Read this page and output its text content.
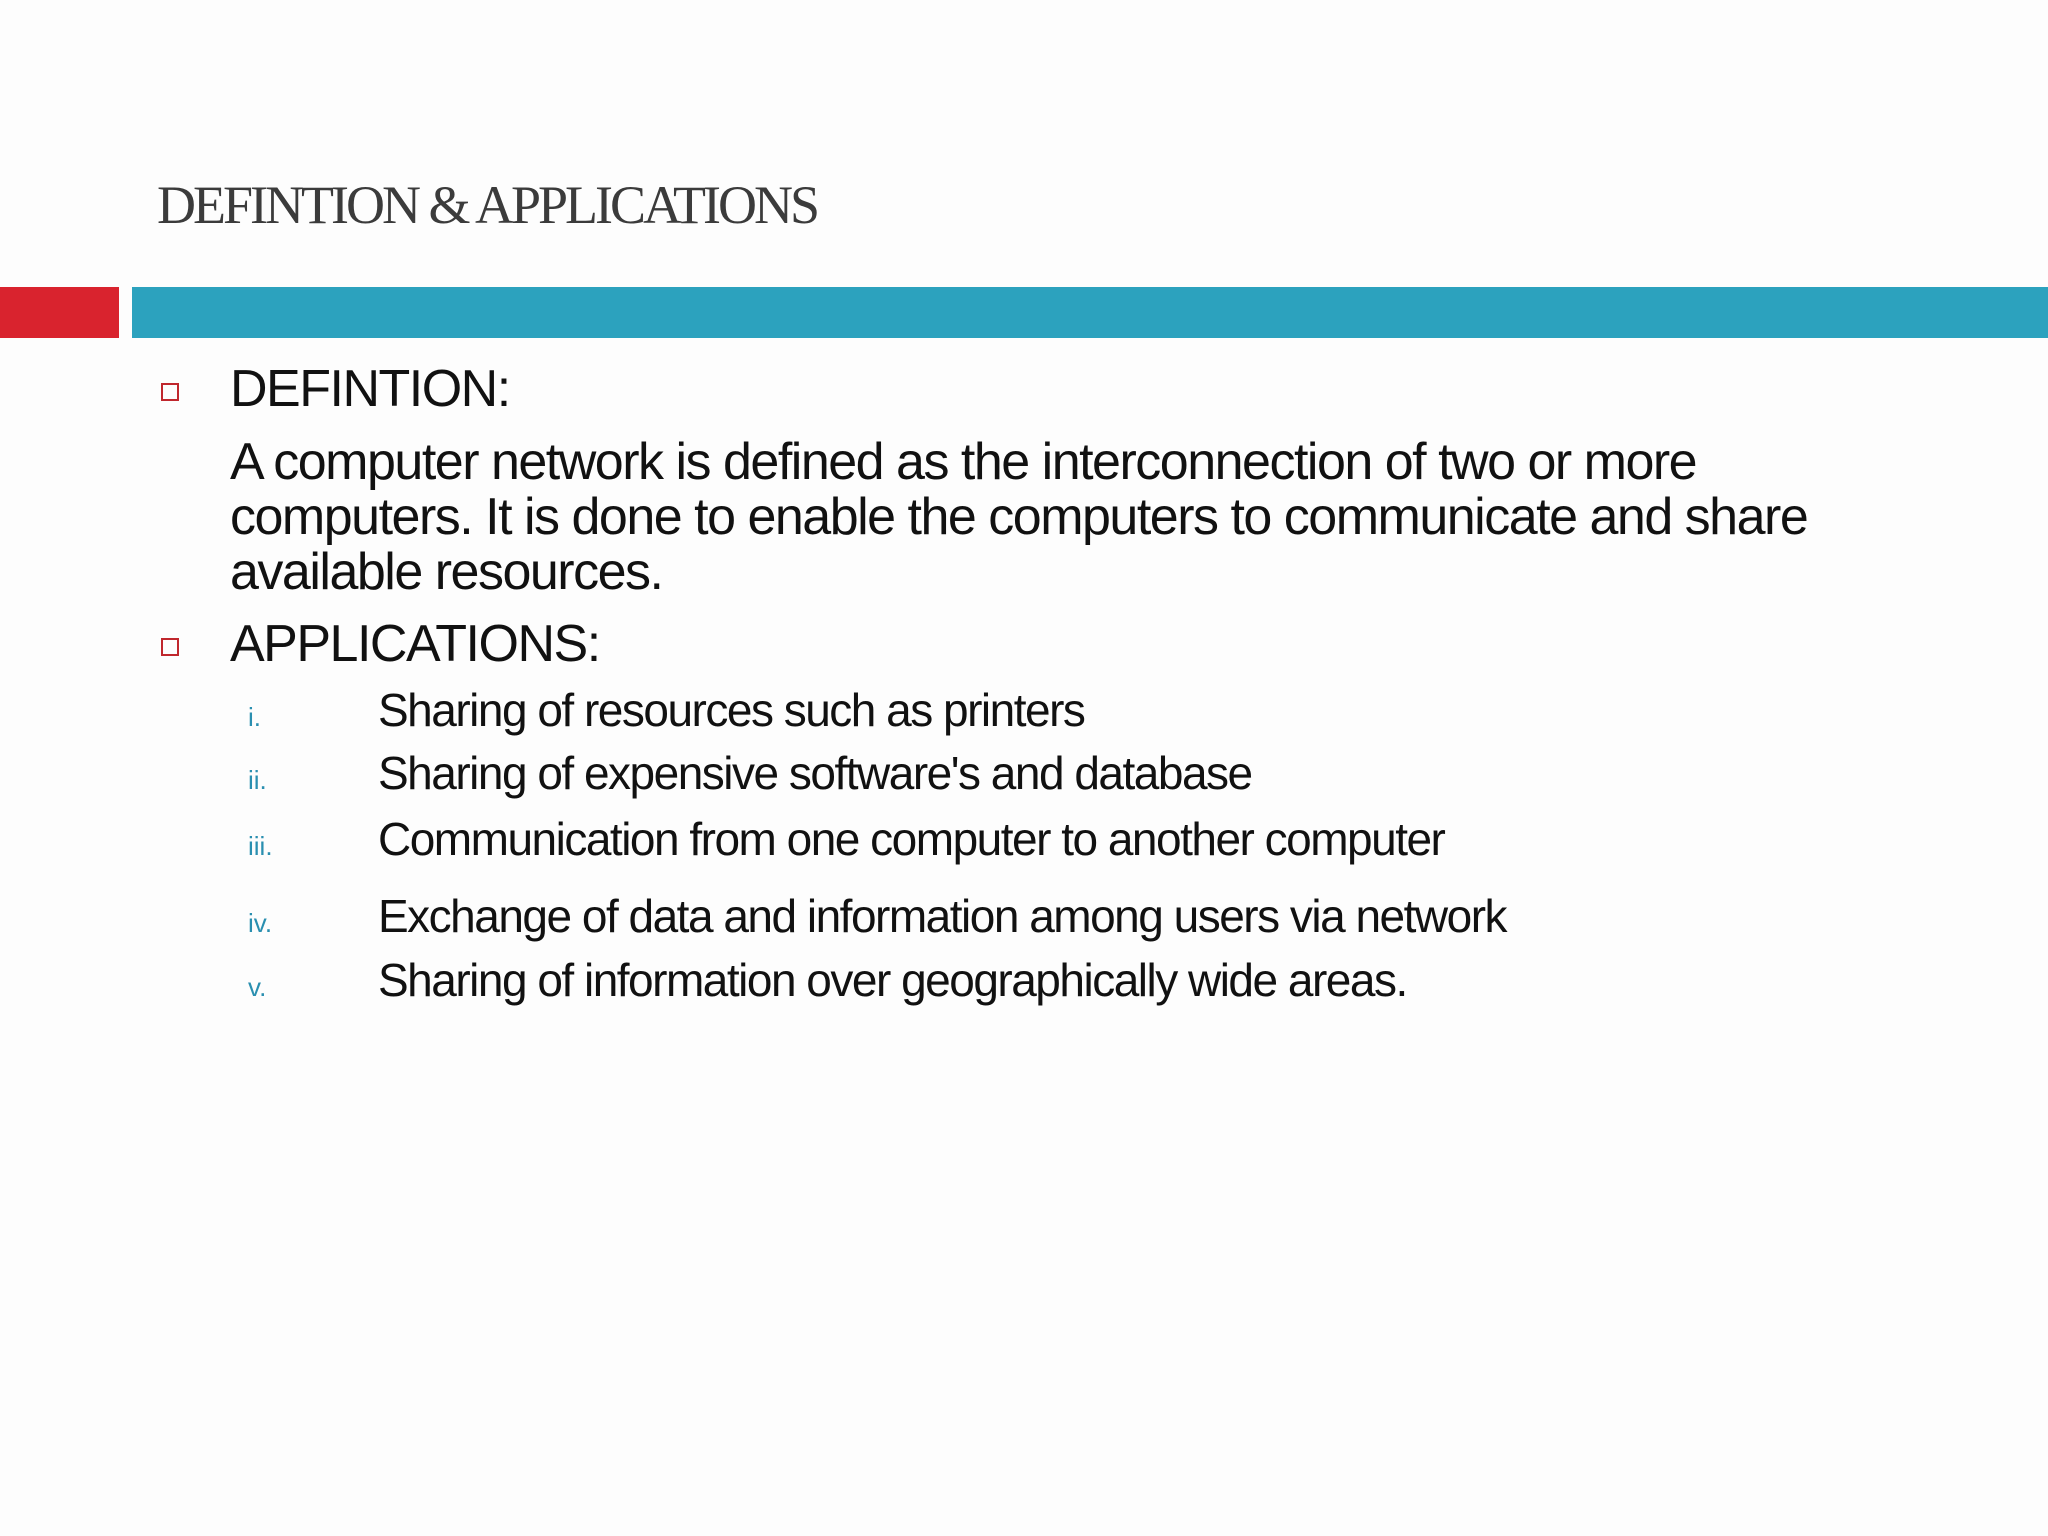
DEFINTION & APPLICATIONS
DEFINTION:
A computer network is defined as the interconnection of two or more computers. It is done to enable the computers to communicate and share available resources.
APPLICATIONS:
i.	Sharing of resources such as printers
ii. Sharing of expensive software's and database
iii. Communication from one computer to another computer
iv. Exchange of data and information among users via network
v. Sharing of information over geographically wide areas.
